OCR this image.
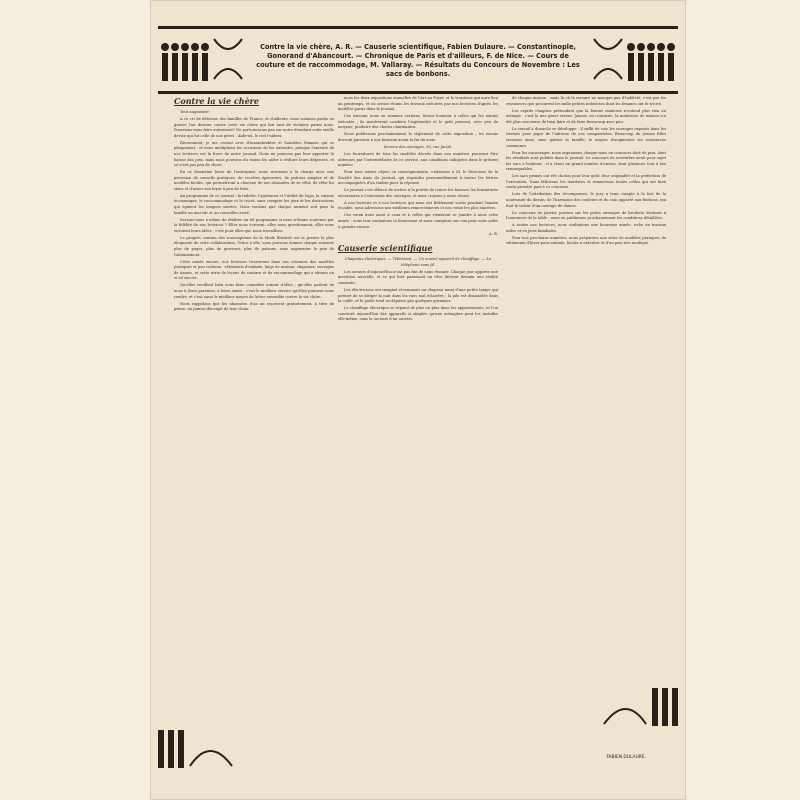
Contre la vie chère, A. R. — Causerie scientifique, Fabien Dulaure. — Constantinople, Gonorand d'Abancourt. — Chronique de Paris et d'ailleurs, F. de Nice. — Cours de couture et de raccommodage, M. Vallaray. — Résultats du Concours de Novembre : Les sacs de bonbons.
Contre la vie chère

Tout augmente!

A ce cri de détresse des familles de France, et d'ailleurs, nous sommes partis en guerre l'an dernier contre cette vie chère qui fait tant de victimes parmi nous. Pourrions-nous faire autrement? Ne portons-nous pas sur notre étendard cette vieille devise qui fut celle de nos pères : Aide-toi, le ciel t'aidera.

Récemment, je me croisai avec d'innombrables et honnêtes femmes qui se plaignaient ; et nous multiplions les occasions de les entendre, puisque l'entente de nos lectrices est la force de notre journal. Nous ne pouvons pas leur apporter la baisse des prix, mais nous pouvons du moins les aider à réduire leurs dépenses, et ce n'est pas peu de chose.

En ce deuxième hiver de l'entreprise, nous revenons à la charge avec une provision de conseils pratiques, de recettes éprouvées, de patrons simples et de modèles faciles, qui permettront à chacune de nos abonnées de se vêtir, de vêtir les siens et d'orner son foyer à peu de frais.

Au programme de ce journal : la toilette, l'agrément et l'utilité du logis, la cuisine économique, le raccommodage et le tricot, sans compter les jeux et les distractions qui égaient les longues soirées. Nous voulons que chaque numéro soit pour la famille un ami sûr et un conseiller avisé.

Serions-nous à même de réaliser un tel programme si nous n'étions soutenus par la fidélité de nos lectrices ? Elles nous écrivent, elles nous questionnent, elles nous envoient leurs idées ; c'est pour elles que nous travaillons.

Le progrès continu des souscriptions de la Mode Illustrée est la preuve la plus éloquente de cette collaboration. Grâce à elle, nous pouvons donner chaque semaine plus de pages, plus de gravures, plus de patrons, sans augmenter le prix de l'abonnement.

Cette année encore, nos lectrices trouveront dans nos colonnes des modèles pratiques et peu coûteux : vêtements d'enfants, linge de maison, chapeaux, ouvrages de dames, et cette série de leçons de couture et de raccommodage qui a obtenu un si vif succès.

Qu'elles veuillent bien nous faire connaître autour d'elles ; qu'elles parlent de nous à leurs parentes, à leurs amies : c'est le meilleur service qu'elles puissent nous rendre, et c'est aussi le meilleur moyen de lutter ensemble contre la vie chère.

Nous rappelons que les abonnées d'un an reçoivent gratuitement, à titre de prime, un patron découpé de leur choix.

nous les deux expositions annuelles de l'Art au Foyer, et la troisième qui aura lieu au printemps, et où seront réunis les travaux exécutés par nos lectrices d'après les modèles parus dans le journal.

Ces travaux, nous en sommes certains, feront honneur à celles qui les auront exécutés ; ils montreront combien l'ingéniosité et le goût peuvent, avec peu de moyens, produire des choses charmantes.

Nous publierons prochainement le règlement de cette exposition ; les envois devront parvenir à nos bureaux avant la fin du mois.

Service des ouvrages, 56, rue Jacob.

Les fournitures de tous les modèles décrits dans nos numéros pourront être obtenues par l'intermédiaire de ce service, aux conditions indiquées dans le présent numéro.

Pour tous autres objets ou renseignements, s'adresser à M. le Directeur de la Société des Amis du Journal, qui répondra personnellement à toutes les lettres accompagnées d'un timbre pour la réponse.

Le journal s'est efforcé de mettre à la portée de toutes les bourses les fournitures nécessaires à l'exécution des ouvrages, et nous croyons y avoir réussi.

A nos lecteurs et à nos lectrices qui nous ont fidèlement suivis pendant l'année écoulée, nous adressons nos meilleurs remerciements et nos vœux les plus sincères.

Ces vœux iront aussi à ceux et à celles qui viendront se joindre à nous cette année ; nous leur souhaitons la bienvenue et nous comptons sur eux pour nous aider à grandir encore.

A. R.

Causerie scientifique

Chapeaux électriques. — Télévision. — Un nouvel appareil de chauffage. — Le téléphone sans fil.

Les savants d'aujourd'hui n'ont pas fini de nous étonner. Chaque jour apporte une invention nouvelle, et ce qui hier paraissait un rêve devient demain une réalité courante.

Les électriciens ont imaginé récemment un chapeau muni d'une petite lampe qui permet de se diriger la nuit dans les rues mal éclairées ; la pile est dissimulée dans la coiffe, et le poids total ne dépasse pas quelques grammes.

Le chauffage électrique se répand de plus en plus dans les appartements, et l'on construit aujourd'hui des appareils si simples qu'une ménagère peut les installer elle-même, sans le secours d'un ouvrier.

de chaque maison ; mais là où la mesure ne manque pas d'habileté, c'est par les ressources que procurent les mille petites industries dont les femmes ont le secret.

Les esprits chagrins prétendent que la femme moderne n'entend plus rien au ménage ; c'est là une grave erreur. Jamais, au contraire, la maîtresse de maison n'a été plus soucieuse de bien faire et de faire beaucoup avec peu.

Le travail à domicile se développe ; il suffit de voir les ouvrages exposés dans les vitrines pour juger de l'adresse de nos compatriotes. Beaucoup de jeunes filles trouvent ainsi, sans quitter la famille, le moyen d'augmenter les ressources communes.

Pour les encourager, nous organisons chaque mois un concours doté de prix, dont les résultats sont publiés dans le journal. Le concours de novembre avait pour sujet les sacs à bonbons ; il a réuni un grand nombre d'envois, dont plusieurs tout à fait remarquables.

Les sacs primés ont été choisis pour leur goût, leur originalité et la perfection de l'exécution. Nous félicitons les lauréates et remercions toutes celles qui ont bien voulu prendre part à ce concours.

Lors de l'attribution des récompenses, le jury a tenu compte à la fois de la nouveauté du dessin, de l'harmonie des couleurs et du soin apporté aux finitions, qui font la valeur d'un ouvrage de dames.

Le concours de janvier portera sur les petits ouvrages de broderie destinés à l'ornement de la table ; nous en publierons prochainement les conditions détaillées.

A toutes nos lectrices, nous souhaitons une heureuse année, riche en travaux utiles et en joies familiales.

Pour nos prochains numéros, nous préparons une série de modèles pratiques de vêtements d'hiver pour enfants, faciles à exécuter et d'un prix très modique.

FABIEN DULAURE.
